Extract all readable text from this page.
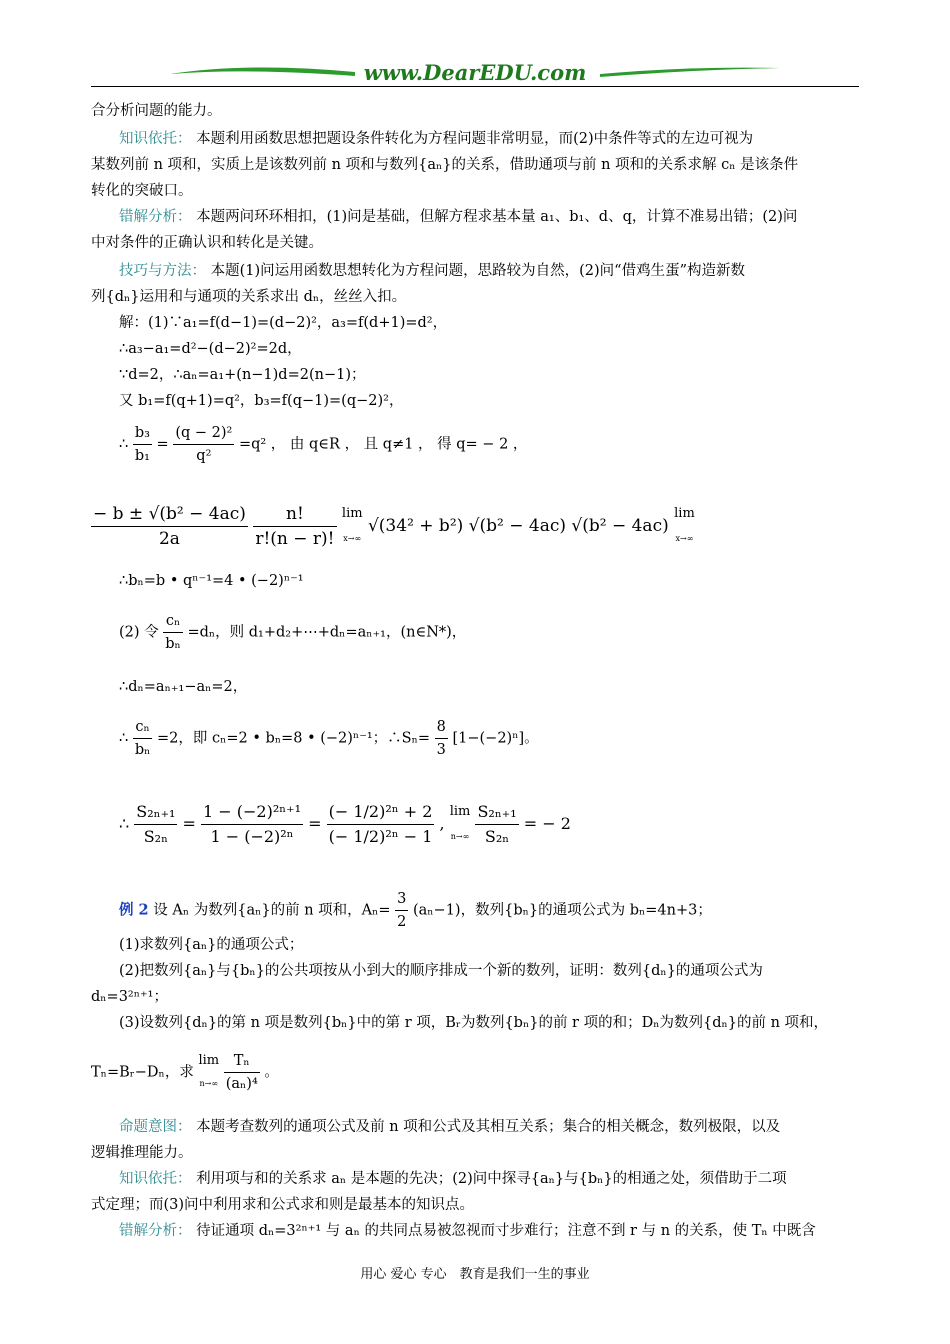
www.DearEDU.com
合分析问题的能力。
知识依托： 本题利用函数思想把题设条件转化为方程问题非常明显，而(2)中条件等式的左边可视为
某数列前 n 项和，实质上是该数列前 n 项和与数列{aₙ}的关系，借助通项与前 n 项和的关系求解 cₙ 是该条件
转化的突破口。
错解分析： 本题两问环环相扣，(1)问是基础，但解方程求基本量 a₁、b₁、d、q，计算不准易出错；(2)问
中对条件的正确认识和转化是关键。
技巧与方法： 本题(1)问运用函数思想转化为方程问题，思路较为自然，(2)问“借鸡生蛋”构造新数
列{dₙ}运用和与通项的关系求出 dₙ，丝丝入扣。
解：(1)∵a₁=f(d−1)=(d−2)²，a₃=f(d+1)=d²，
∴a₃−a₁=d²−(d−2)²=2d，
∵d=2，∴aₙ=a₁+(n−1)d=2(n−1)；
又 b₁=f(q+1)=q²，b₃=f(q−1)=(q−2)²，
∴ $\frac{\text{b₃}}{\text{b₁}} = \frac{\text{(q − 2)²}}{\text{q²}} =q^2$ ， 由 q∈R ， 且 q≠1 ， 得 q= − 2 ，
$\frac{\text{− b ± √(b² − 4ac)}}{2a}$
$\frac{n!}{r!(n - r)!}$ lim
x→∞ √(34² + b²) √(b² − 4ac) √(b² − 4ac) lim
x→∞
∴bₙ=b • qⁿ⁻¹=4 • (−2)ⁿ⁻¹
(2) 令 $\frac{\text{cₙ}}{\text{bₙ}} =d_n$，则 d₁+d₂+⋯+dₙ=aₙ₊₁，(n∈N*)，
∴dₙ=aₙ₊₁−aₙ=2，
∴ $\frac{\text{cₙ}}{\text{bₙ}} =2$，即 cₙ=2 • bₙ=8 • (−2)ⁿ⁻¹；∴Sₙ= $\frac{8}{3} [1-(-2)^n]$。
∴ $\frac{\text{S₂ₙ₊₁}}{\text{S₂ₙ}} = \frac{\text{1 − (−2)²ⁿ⁺¹}}{\text{1 − (−2)²ⁿ}} = \frac{\text{(− 1/2)²ⁿ + 2}}{\text{(− 1/2)²ⁿ − 1}}$ , lim
$n\to\infty \frac{\text{S₂ₙ₊₁}}{\text{S₂ₙ}}$ = − 2
例 2 设 Aₙ 为数列{aₙ}的前 n 项和，$A_n= \frac{3}{2} (a_n-1)$，数列{bₙ}的通项公式为 bₙ=4n+3；
(1)求数列{aₙ}的通项公式；
(2)把数列{aₙ}与{bₙ}的公共项按从小到大的顺序排成一个新的数列，证明：数列{dₙ}的通项公式为
dₙ=3²ⁿ⁺¹；
(3)设数列{dₙ}的第 n 项是数列{bₙ}中的第 r 项，Bᵣ为数列{bₙ}的前 r 项的和；Dₙ为数列{dₙ}的前 n 项和，
Tₙ=Bᵣ−Dₙ，求 lim
$n\to\infty \frac{\text{Tₙ}}{\text{(aₙ)⁴}}$ 。
命题意图： 本题考查数列的通项公式及前 n 项和公式及其相互关系；集合的相关概念，数列极限，以及
逻辑推理能力。
知识依托： 利用项与和的关系求 aₙ 是本题的先决；(2)问中探寻{aₙ}与{bₙ}的相通之处，须借助于二项
式定理；而(3)问中利用求和公式求和则是最基本的知识点。
错解分析： 待证通项 dₙ=3²ⁿ⁺¹ 与 aₙ 的共同点易被忽视而寸步难行；注意不到 r 与 n 的关系，使 Tₙ 中既含
用心 爱心 专心　教育是我们一生的事业
